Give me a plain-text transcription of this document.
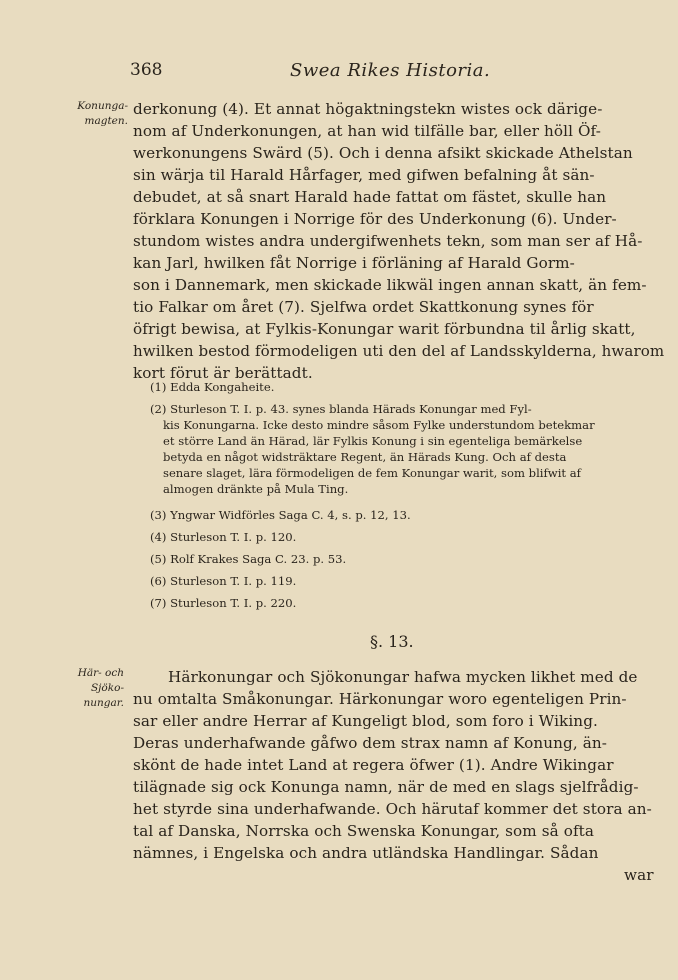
368	Swea Rikes Historia.
Konunga-
magten.
derkonung (4). Et annat högaktningstekn wistes ock därige-
nom af Underkonungen, at han wid tilfälle bar, eller höll Öf-
werkonungens Swärd (5). Och i denna afsikt skickade Athelstan
sin wärja til Harald Hårfager, med gifwen befalning åt sän-
debudet, at så snart Harald hade fattat om fästet, skulle han
förklara Konungen i Norrige för des Underkonung (6). Under-
stundom wistes andra undergifwenhets tekn, som man ser af Hå-
kan Jarl, hwilken fåt Norrige i förläning af Harald Gorm-
son i Dannemark, men skickade likwäl ingen annan skatt, än fem-
tio Falkar om året (7). Sjelfwa ordet Skattkonung synes för
öfrigt bewisa, at Fylkis-Konungar warit förbundna til årlig skatt,
hwilken bestod förmodeligen uti den del af Landsskylderna, hwarom
kort förut är berättadt.
(1) Edda Kongaheite.
(2) Sturleson T. I. p. 43. synes blanda Härads Konungar med Fyl-
kis Konungarna. Icke desto mindre såsom Fylke understundom betekmar
et större Land än Härad, lär Fylkis Konung i sin egenteliga bemärkelse
betyda en något widsträktare Regent, än Härads Kung. Och af desta
senare slaget, lära förmodeligen de fem Konungar warit, som blifwit af
almogen dränkte på Mula Ting.
(3) Yngwar Widförles Saga C. 4, s. p. 12, 13.
(4) Sturleson T. I. p. 120.
(5) Rolf Krakes Saga C. 23. p. 53.
(6) Sturleson T. I. p. 119.
(7) Sturleson T. I. p. 220.
§. 13.
Här- och
Sjöko-
nungar.
Härkonungar och Sjökonungar hafwa mycken likhet med de
nu omtalta Småkonungar. Härkonungar woro egenteligen Prin-
sar eller andre Herrar af Kungeligt blod, som foro i Wiking.
Deras underhafwande gåfwo dem strax namn af Konung, än-
skönt de hade intet Land at regera öfwer (1). Andre Wikingar
tilägnade sig ock Konunga namn, när de med en slags sjelfrådig-
het styrde sina underhafwande. Och härutaf kommer det stora an-
tal af Danska, Norrska och Swenska Konungar, som så ofta
nämnes, i Engelska och andra utländska Handlingar. Sådan
war
